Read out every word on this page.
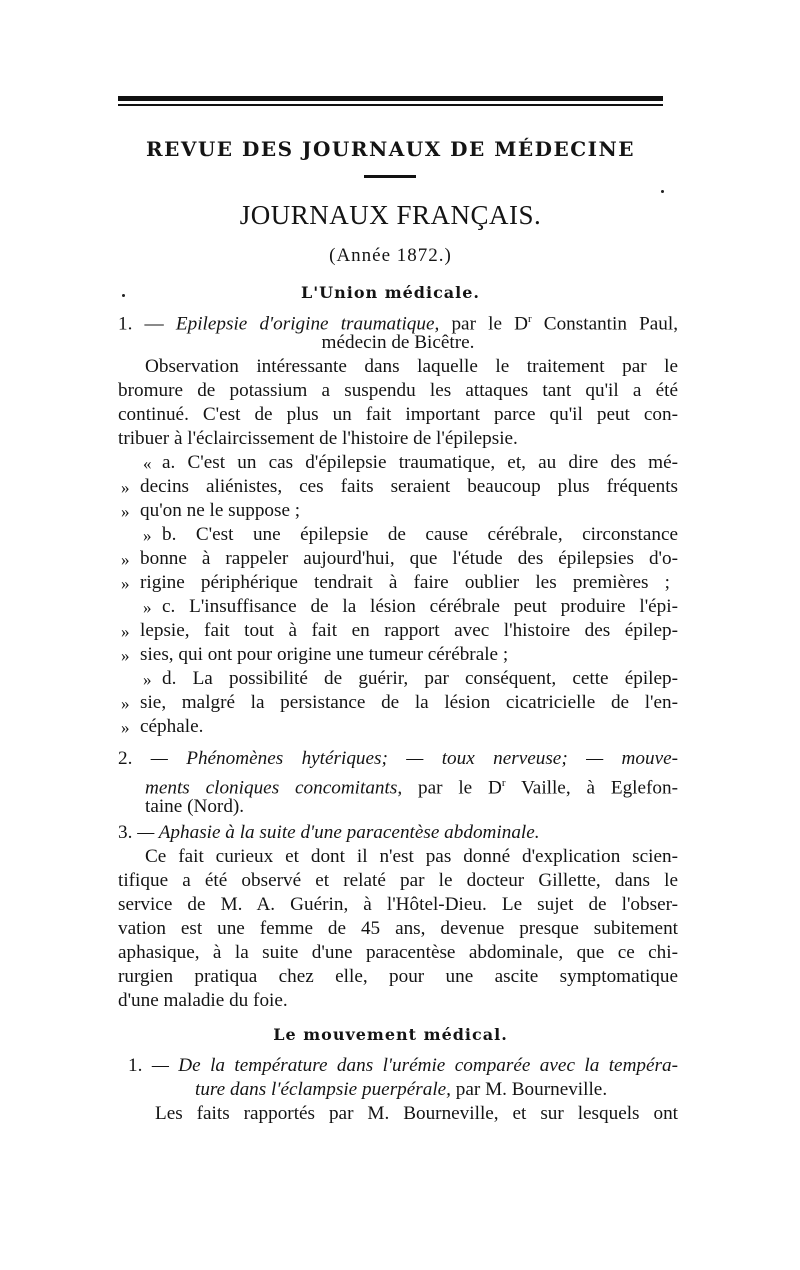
REVUE DES JOURNAUX DE MÉDECINE
JOURNAUX FRANÇAIS.
(Année 1872.)
L'Union médicale.
1. — Epilepsie d'origine traumatique, par le $D^r$ Constantin Paul,
médecin de Bicêtre.
Observation intéressante dans laquelle le traitement par le
bromure de potassium a suspendu les attaques tant qu'il a été
continué. C'est de plus un fait important parce qu'il peut con-
tribuer à l'éclaircissement de l'histoire de l'épilepsie.
« a. C'est un cas d'épilepsie traumatique, et, au dire des mé-
» decins aliénistes, ces faits seraient beaucoup plus fréquents
» qu'on ne le suppose ;
» b. C'est une épilepsie de cause cérébrale, circonstance
» bonne à rappeler aujourd'hui, que l'étude des épilepsies d'o-
» rigine périphérique tendrait à faire oublier les premières ;
» c. L'insuffisance de la lésion cérébrale peut produire l'épi-
» lepsie, fait tout à fait en rapport avec l'histoire des épilep-
» sies, qui ont pour origine une tumeur cérébrale ;
» d. La possibilité de guérir, par conséquent, cette épilep-
» sie, malgré la persistance de la lésion cicatricielle de l'en-
» céphale.
2. — Phénomènes hytériques; — toux nerveuse; — mouve-
ments cloniques concomitants, par le $D^r$ Vaille, à Eglefon-
taine (Nord).
3. — Aphasie à la suite d'une paracentèse abdominale.
Ce fait curieux et dont il n'est pas donné d'explication scien-
tifique a été observé et relaté par le docteur Gillette, dans le
service de M. A. Guérin, à l'Hôtel-Dieu. Le sujet de l'obser-
vation est une femme de 45 ans, devenue presque subitement
aphasique, à la suite d'une paracentèse abdominale, que ce chi-
rurgien pratiqua chez elle, pour une ascite symptomatique
d'une maladie du foie.
Le mouvement médical.
1. — De la température dans l'urémie comparée avec la tempéra-
ture dans l'éclampsie puerpérale, par M. Bourneville.
Les faits rapportés par M. Bourneville, et sur lesquels ont
